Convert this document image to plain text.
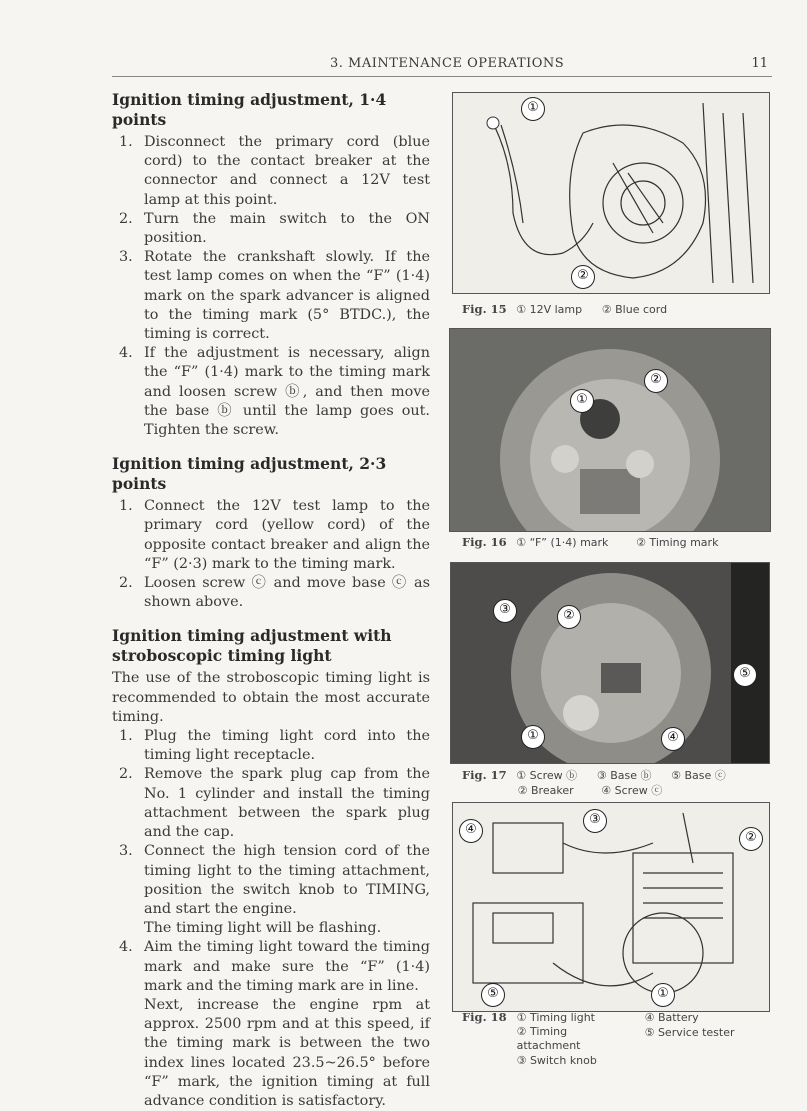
3. MAINTENANCE OPERATIONS	11
Ignition timing adjustment, 1·4 points
1. Disconnect the primary cord (blue cord) to the contact breaker at the connector and connect a 12V test lamp at this point.
2. Turn the main switch to the ON position.
3. Rotate the crankshaft slowly. If the test lamp comes on when the “F” (1·4) mark on the spark advancer is aligned to the timing mark (5° BTDC.), the timing is correct.
4. If the adjustment is necessary, align the “F” (1·4) mark to the timing mark and loosen screw ⓑ, and then move the base ⓑ until the lamp goes out. Tighten the screw.
Ignition timing adjustment, 2·3 points
1. Connect the 12V test lamp to the primary cord (yellow cord) of the opposite contact breaker and align the “F” (2·3) mark to the timing mark.
2. Loosen screw ⓒ and move base ⓒ as shown above.
Ignition timing adjustment with stroboscopic timing light

The use of the stroboscopic timing light is recommended to obtain the most accurate timing.

1. Plug the timing light cord into the timing light receptacle.
2. Remove the spark plug cap from the No. 1 cylinder and install the timing attachment between the spark plug and the cap.
3. Connect the high tension cord of the timing light to the timing attachment, position the switch knob to TIMING, and start the engine.
The timing light will be flashing.
4. Aim the timing light toward the timing mark and make sure the “F” (1·4) mark and the timing mark are in line.
Next, increase the engine rpm at approx. 2500 rpm and at this speed, if the timing mark is between the two index lines located 23.5~26.5° before “F” mark, the ignition timing at full advance condition is satisfactory.
①
②
Fig. 15 ① 12V lamp ② Blue cord
①
②
Fig. 16 ① “F” (1·4) mark	② Timing mark
③	②
⑤
①	④
Fig. 17 ① Screw ⓑ ③ Base ⓑ ⑤ Base ⓒ
② Breaker	④ Screw ⓒ
④
③
②
⑤	①
Fig. 18 ① Timing light
② Timing attachment
③ Switch knob
④ Battery
⑤ Service tester
